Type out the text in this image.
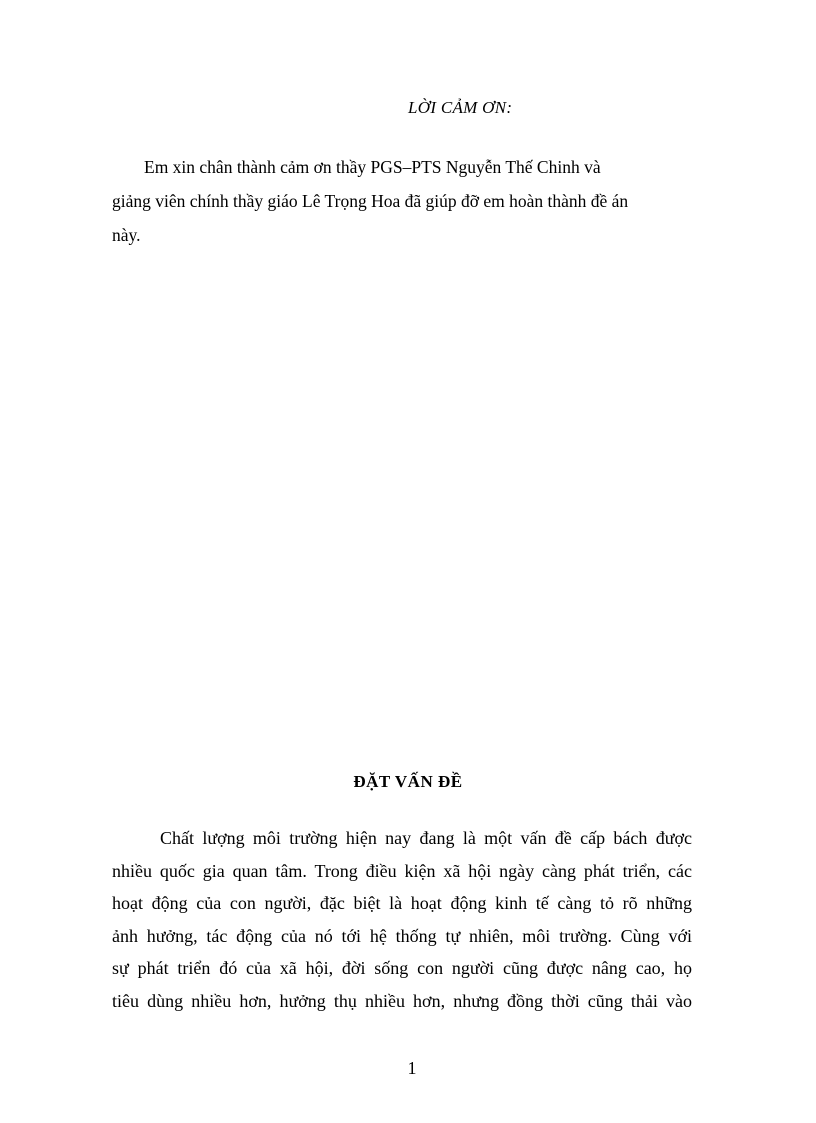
LỜI CẢM ƠN:
Em xin chân thành cảm ơn thầy PGS–PTS Nguyễn Thế Chinh và
giảng viên chính thầy giáo Lê Trọng Hoa đã giúp đỡ em hoàn thành đề án
này.
ĐẶT VẤN ĐỀ
Chất lượng môi trường hiện nay đang là một vấn đề cấp bách được
nhiều quốc gia quan tâm. Trong điều kiện xã hội ngày càng phát triển, các
hoạt động của con người, đặc biệt là hoạt động kinh tế càng tỏ rõ những
ảnh hưởng, tác động của nó tới hệ thống tự nhiên, môi trường. Cùng với
sự phát triển đó của xã hội, đời sống con người cũng được nâng cao, họ
tiêu dùng nhiều hơn, hưởng thụ nhiều hơn, nhưng đồng thời cũng thải vào
1
